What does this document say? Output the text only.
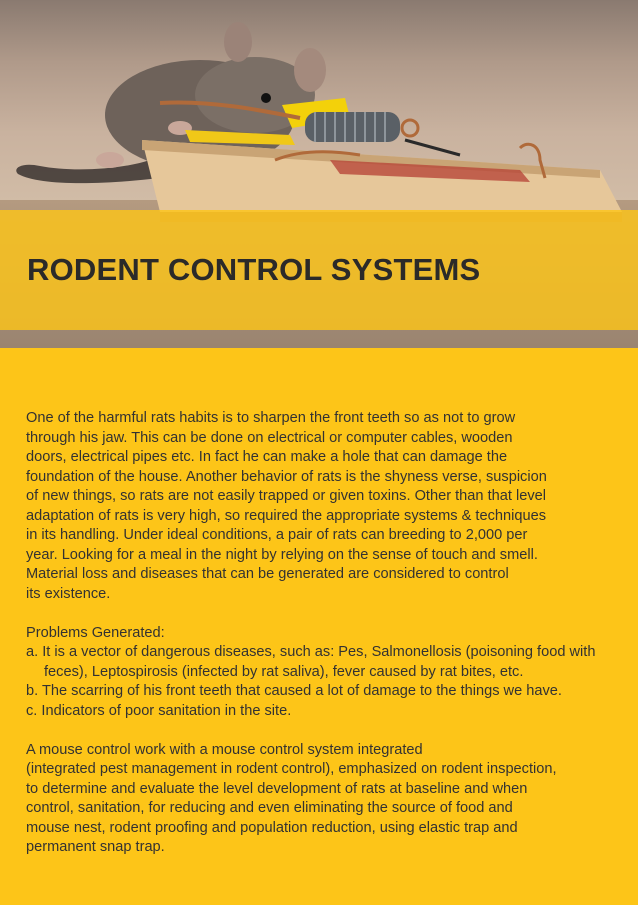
RODENT CONTROL SYSTEMS

One of the harmful rats habits is to sharpen the front teeth so as not to grow

through his jaw. This can be done on electrical or computer cables, wooden

doors, electrical pipes etc. In fact he can make a hole that can damage the

foundation of the house. Another behavior of rats is the shyness verse, suspicion

of new things, so rats are not easily trapped or given toxins. Other than that level

adaptation of rats is very high, so required the appropriate systems & techniques

in its handling. Under ideal conditions, a pair of rats can breeding to 2,000 per

year. Looking for a meal in the night by relying on the sense of touch and smell.

Material loss and diseases that can be generated are considered to control

its existence.

Problems Generated:

a. It is a vector of dangerous diseases, such as: Pes, Salmonellosis (poisoning food with feces), Leptospirosis (infected by rat saliva), fever caused by rat bites, etc.

b. The scarring of his front teeth that caused a lot of damage to the things we have.

c. Indicators of poor sanitation in the site.

A mouse control work with a mouse control system integrated

(integrated pest management in rodent control), emphasized on rodent inspection,

to determine and evaluate the level development of rats at baseline and when

control, sanitation, for reducing and even eliminating the source of food and

mouse nest, rodent proofing and population reduction, using elastic trap and

permanent snap trap.
